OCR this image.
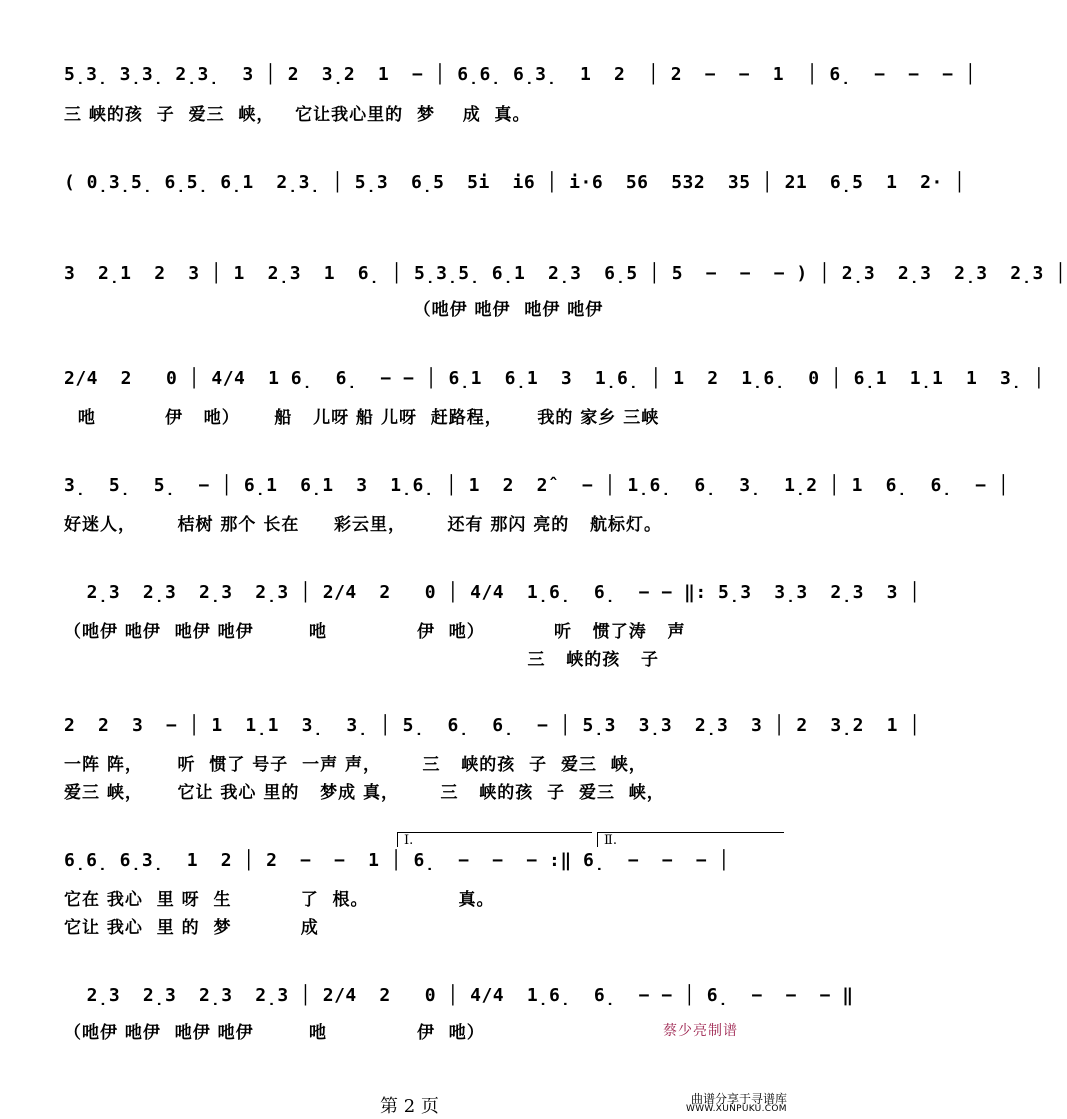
5̣3̣ 3̣3̣ 2̣3̣  3 │ 2  3̣2  1  − │ 6̣6̣ 6̣3̣  1  2  │ 2  −  −  1  │ 6̣  −  −  − │
三 峡的孩  子  爱三  峡，   它让我心里的  梦    成  真。
( 0̣3̣5̣ 6̣5̣ 6̣1  2̣3̣ │ 5̣3  6̣5  5i  i6 │ i·6  56  532  35 │ 21  6̣5  1  2· │
3  2̣1  2  3 │ 1  2̣3  1  6̣ │ 5̣3̣5̣ 6̣1  2̣3  6̣5 │ 5  −  −  − ) │ 2̣3  2̣3  2̣3  2̣3 │
（吔伊 吔伊  吔伊 吔伊
2/4  2   0 │ 4/4  1 6̣  6̣  − − │ 6̣1  6̣1  3  1̣6̣ │ 1  2  1̣6̣  0 │ 6̣1  1̣1  1  3̣ │
吔          伊   吔）     船   儿呀 船 儿呀  赶路程，     我的 家乡 三峡
3̣  5̣  5̣  − │ 6̣1  6̣1  3  1̣6̣ │ 1  2  2ˆ  − │ 1̣6̣  6̣  3̣  1̣2 │ 1  6̣  6̣  − │
好迷人，      桔树 那个 长在     彩云里，      还有 那闪 亮的   航标灯。
2̣3  2̣3  2̣3  2̣3 │ 2/4  2   0 │ 4/4  1̣6̣  6̣  − − ‖: 5̣3  3̣3  2̣3  3 │
（吔伊 吔伊  吔伊 吔伊        吔             伊  吔）          听   惯了涛   声
三   峡的孩   子
2  2  3  − │ 1  1̣1  3̣  3̣ │ 5̣  6̣  6̣  − │ 5̣3  3̣3  2̣3  3 │ 2  3̣2  1 │
一阵 阵，     听  惯了 号子  一声 声，      三   峡的孩  子  爱三  峡，
爱三 峡，     它让 我心 里的   梦成 真，      三   峡的孩  子  爱三  峡，
Ⅰ.	Ⅱ.
6̣6̣ 6̣3̣  1  2 │ 2  −  −  1 │ 6̣  −  −  − :‖ 6̣  −  −  − │
它在 我心  里 呀  生          了  根。             真。
它让 我心  里 的  梦          成
2̣3  2̣3  2̣3  2̣3 │ 2/4  2   0 │ 4/4  1̣6̣  6̣  − − │ 6̣  −  −  − ‖
（吔伊 吔伊  吔伊 吔伊        吔             伊  吔）	蔡少亮制谱
第 2 页	曲谱分享于寻谱库
WWW.XUNPUKU.COM
